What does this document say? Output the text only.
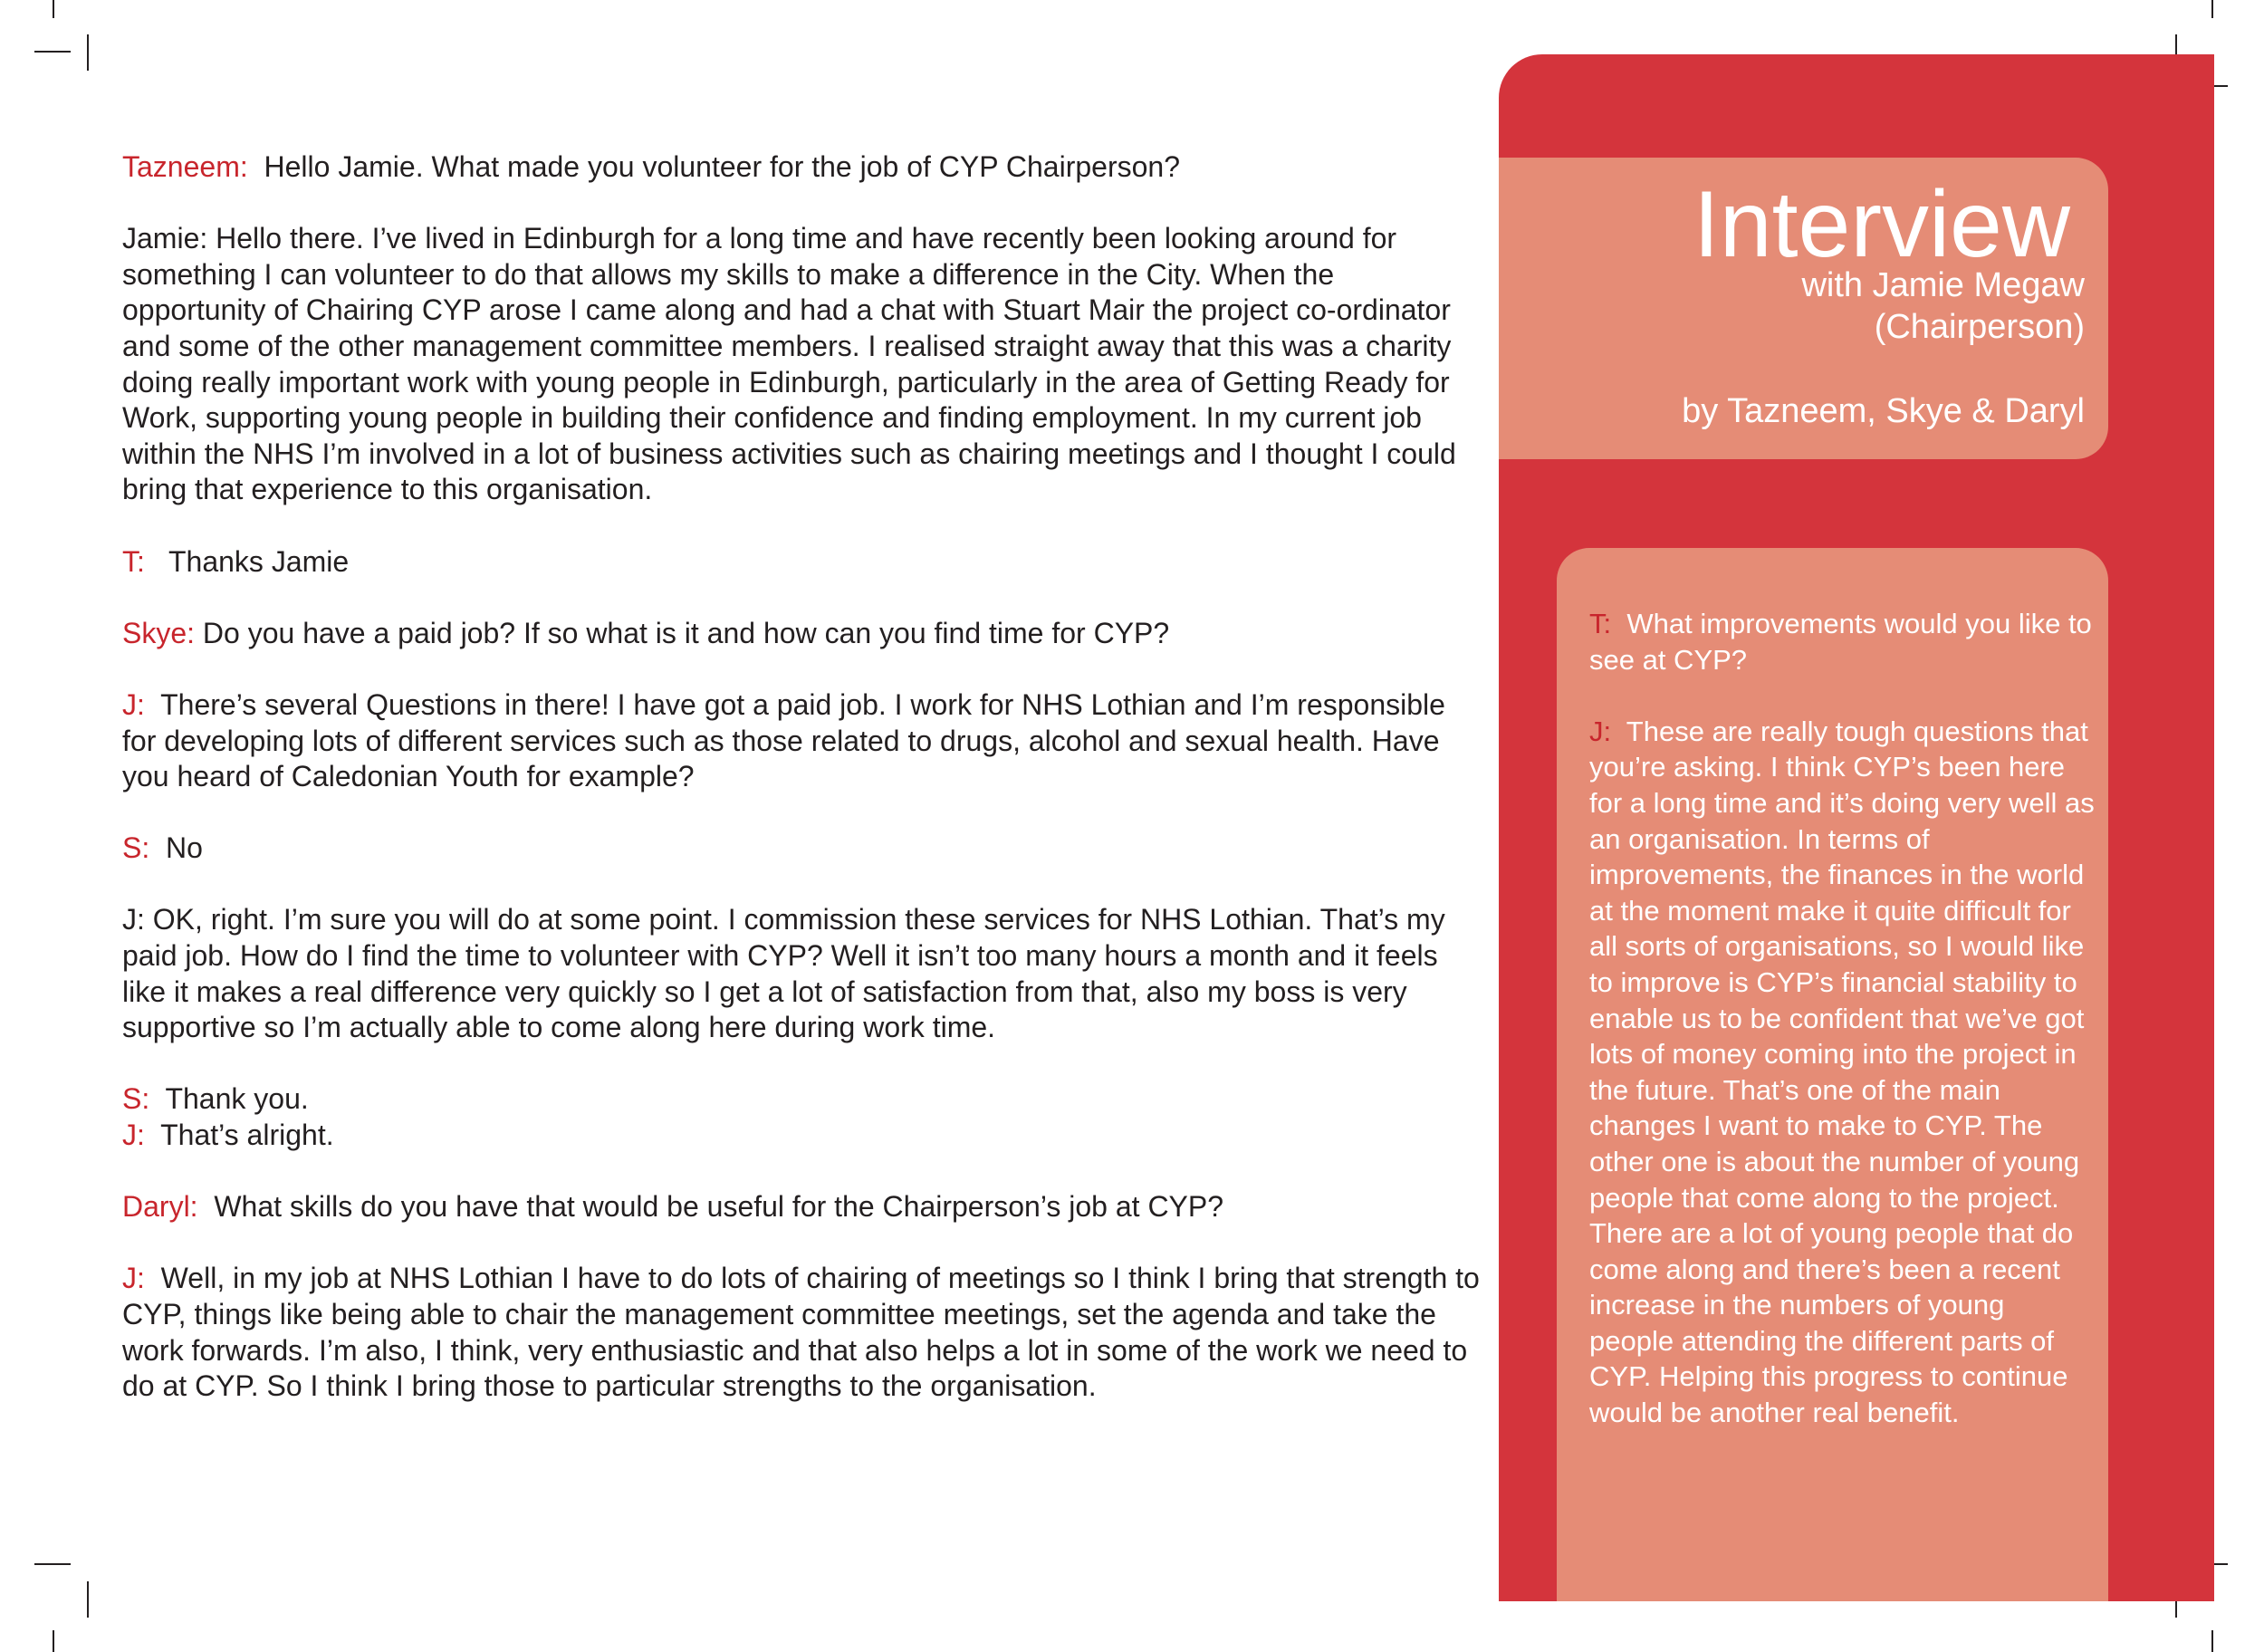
Tazneem: Hello Jamie. What made you volunteer for the job of CYP Chairperson?

Jamie: Hello there. I’ve lived in Edinburgh for a long time and have recently been looking around for something I can volunteer to do that allows my skills to make a difference in the City. When the opportunity of Chairing CYP arose I came along and had a chat with Stuart Mair the project co-ordinator and some of the other management committee members. I realised straight away that this was a charity doing really important work with young people in Edinburgh, particularly in the area of Getting Ready for Work, supporting young people in building their confidence and finding employment. In my current job within the NHS I’m involved in a lot of business activities such as chairing meetings and I thought I could bring that experience to this organisation.

T: Thanks Jamie

Skye: Do you have a paid job? If so what is it and how can you find time for CYP?

J: There’s several Questions in there! I have got a paid job. I work for NHS Lothian and I’m responsible for developing lots of different services such as those related to drugs, alcohol and sexual health. Have you heard of Caledonian Youth for example?

S: No

J: OK, right. I’m sure you will do at some point. I commission these services for NHS Lothian. That’s my paid job. How do I find the time to volunteer with CYP? Well it isn’t too many hours a month and it feels like it makes a real difference very quickly so I get a lot of satisfaction from that, also my boss is very supportive so I’m actually able to come along here during work time.

S: Thank you.

J: That’s alright.

Daryl: What skills do you have that would be useful for the Chairperson’s job at CYP?

J: Well, in my job at NHS Lothian I have to do lots of chairing of meetings so I think I bring that strength to CYP, things like being able to chair the management committee meetings, set the agenda and take the work forwards. I’m also, I think, very enthusiastic and that also helps a lot in some of the work we need to do at CYP. So I think I bring those to particular strengths to the organisation.

Interview
with Jamie Megaw
(Chairperson)
by Tazneem, Skye & Daryl

T: What improvements would you like to see at CYP?

J: These are really tough questions that you’re asking. I think CYP’s been here for a long time and it’s doing very well as an organisation. In terms of improvements, the finances in the world at the moment make it quite difficult for all sorts of organisations, so I would like to improve is CYP’s financial stability to enable us to be confident that we’ve got lots of money coming into the project in the future. That’s one of the main changes I want to make to CYP. The other one is about the number of young people that come along to the project. There are a lot of young people that do come along and there’s been a recent increase in the numbers of young people attending the different parts of CYP. Helping this progress to continue would be another real benefit.
